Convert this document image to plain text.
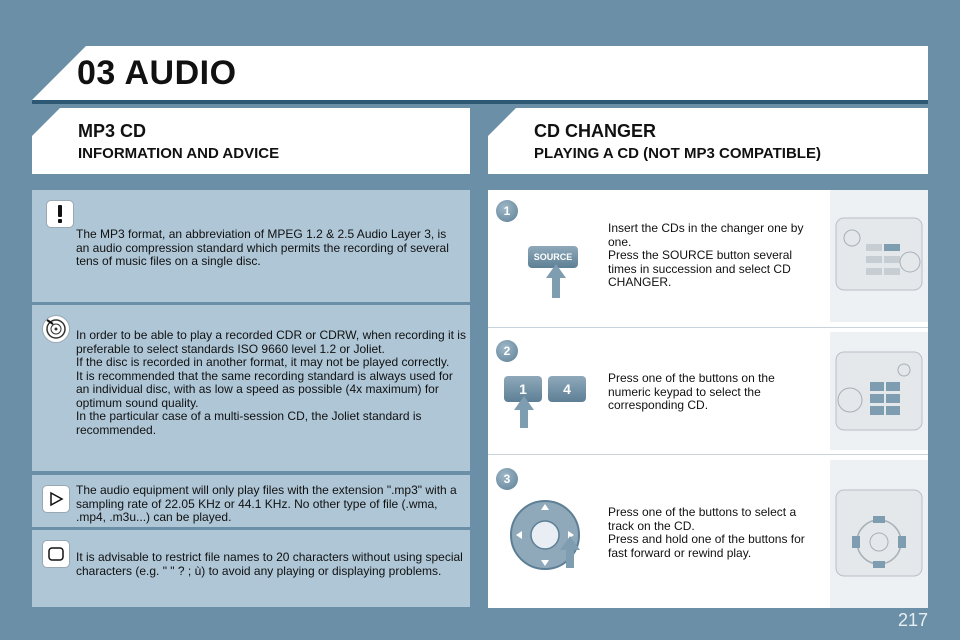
03 AUDIO
MP3 CD
INFORMATION AND ADVICE
CD CHANGER
PLAYING A CD (NOT MP3 COMPATIBLE)
The MP3 format, an abbreviation of MPEG 1.2 & 2.5 Audio Layer 3, is an audio compression standard which permits the recording of several tens of music files on a single disc.
In order to be able to play a recorded CDR or CDRW, when recording it is preferable to select standards ISO 9660 level 1.2 or Joliet.
If the disc is recorded in another format, it may not be played correctly.
It is recommended that the same recording standard is always used for an individual disc, with as low a speed as possible (4x maximum) for optimum sound quality.
In the particular case of a multi-session CD, the Joliet standard is recommended.
The audio equipment will only play files with the extension ".mp3" with a sampling rate of 22.05 KHz or 44.1 KHz. No other type of file (.wma, .mp4, .m3u...) can be played.
It is advisable to restrict file names to 20 characters without using special characters (e.g. " " ? ; ù) to avoid any playing or displaying problems.
1
SOURCE
Insert the CDs in the changer one by one.
Press the SOURCE button several times in succession and select CD CHANGER.
2
1	4
Press one of the buttons on the numeric keypad to select the corresponding CD.
3
Press one of the buttons to select a track on the CD.
Press and hold one of the buttons for fast forward or rewind play.
217
